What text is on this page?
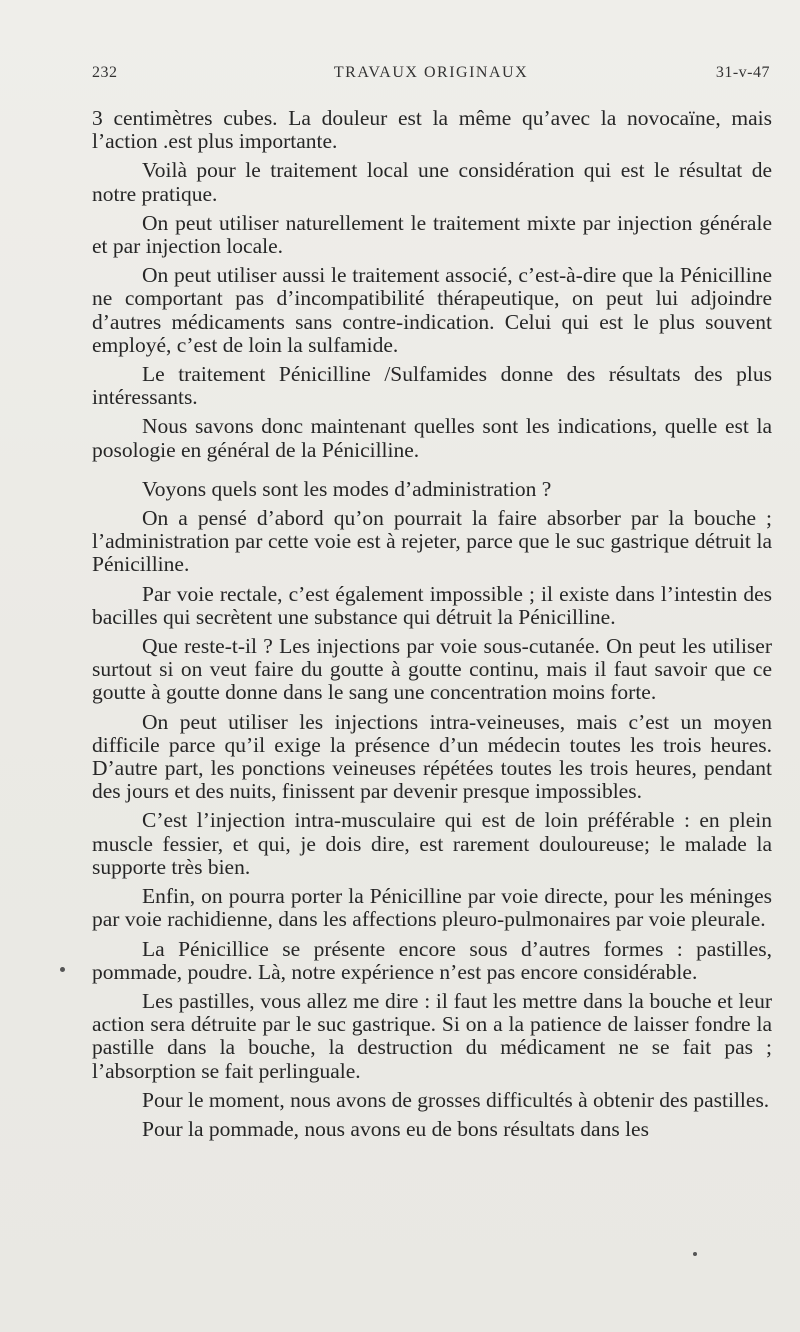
232	TRAVAUX ORIGINAUX	31-v-47

3 centimètres cubes. La douleur est la même qu’avec la novocaïne, mais l’action .est plus importante.

Voilà pour le traitement local une considération qui est le résultat de notre pratique.

On peut utiliser naturellement le traitement mixte par injection générale et par injection locale.

On peut utiliser aussi le traitement associé, c’est-à-dire que la Pénicilline ne comportant pas d’incompatibilité thérapeutique, on peut lui adjoindre d’autres médicaments sans contre-indication. Celui qui est le plus souvent employé, c’est de loin la sulfamide.

Le traitement Pénicilline /Sulfamides donne des résultats des plus intéressants.

Nous savons donc maintenant quelles sont les indications, quelle est la posologie en général de la Pénicilline.

Voyons quels sont les modes d’administration ?

On a pensé d’abord qu’on pourrait la faire absorber par la bouche ; l’administration par cette voie est à rejeter, parce que le suc gastrique détruit la Pénicilline.

Par voie rectale, c’est également impossible ; il existe dans l’intestin des bacilles qui secrètent une substance qui détruit la Pénicilline.

Que reste-t-il ? Les injections par voie sous-cutanée. On peut les utiliser surtout si on veut faire du goutte à goutte continu, mais il faut savoir que ce goutte à goutte donne dans le sang une concentration moins forte.

On peut utiliser les injections intra-veineuses, mais c’est un moyen difficile parce qu’il exige la présence d’un médecin toutes les trois heures. D’autre part, les ponctions veineuses répétées toutes les trois heures, pendant des jours et des nuits, finissent par devenir presque impossibles.

C’est l’injection intra-musculaire qui est de loin préférable : en plein muscle fessier, et qui, je dois dire, est rarement douloureuse; le malade la supporte très bien.

Enfin, on pourra porter la Pénicilline par voie directe, pour les méninges par voie rachidienne, dans les affections pleuro-pulmonaires par voie pleurale.

La Pénicillice se présente encore sous d’autres formes : pastilles, pommade, poudre. Là, notre expérience n’est pas encore considérable.

Les pastilles, vous allez me dire : il faut les mettre dans la bouche et leur action sera détruite par le suc gastrique. Si on a la patience de laisser fondre la pastille dans la bouche, la destruction du médicament ne se fait pas ; l’absorption se fait perlinguale.

Pour le moment, nous avons de grosses difficultés à obtenir des pastilles.

Pour la pommade, nous avons eu de bons résultats dans les
